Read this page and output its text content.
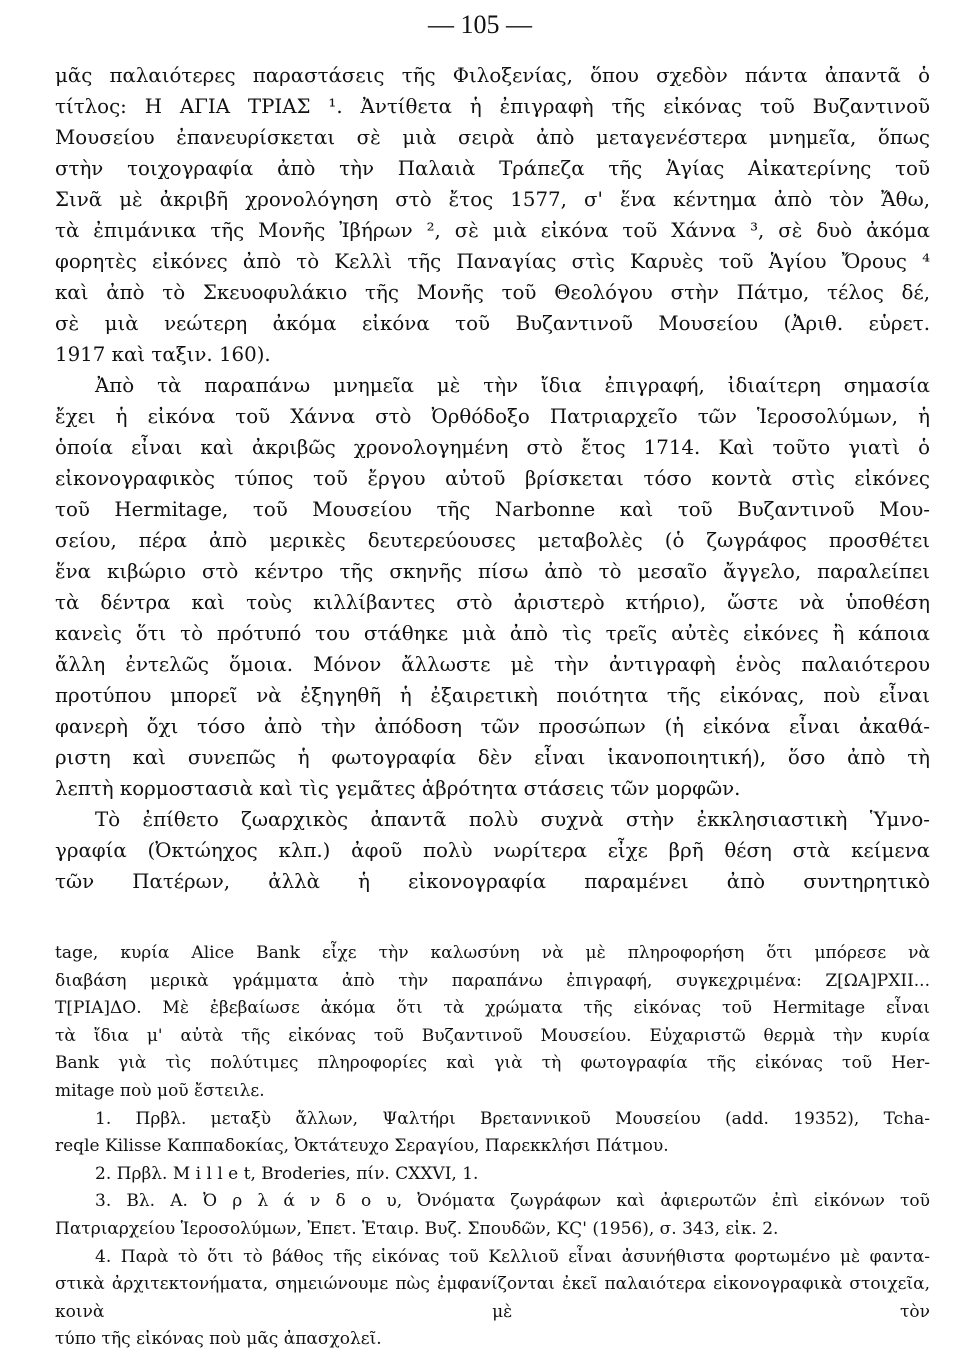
— 105 —

μᾶς παλαιότερες παραστάσεις τῆς Φιλοξενίας, ὅπου σχεδὸν πάντα ἀπαντᾶ ὁ
τίτλος: Η ΑΓΙΑ ΤΡΙΑΣ ¹. Ἀντίθετα ἡ ἐπιγραφὴ τῆς εἰκόνας τοῦ Βυζαντινοῦ
Μουσείου ἐπανευρίσκεται σὲ μιὰ σειρὰ ἀπὸ μεταγενέστερα μνημεῖα, ὅπως
στὴν τοιχογραφία ἀπὸ τὴν Παλαιὰ Τράπεζα τῆς Ἁγίας Αἰκατερίνης τοῦ
Σινᾶ μὲ ἀκριβῆ χρονολόγηση στὸ ἔτος 1577, σ' ἕνα κέντημα ἀπὸ τὸν Ἄθω,
τὰ ἐπιμάνικα τῆς Μονῆς Ἰβήρων ², σὲ μιὰ εἰκόνα τοῦ Χάννα ³, σὲ δυὸ ἀκόμα
φορητὲς εἰκόνες ἀπὸ τὸ Κελλὶ τῆς Παναγίας στὶς Καρυὲς τοῦ Ἁγίου Ὄρους ⁴
καὶ ἀπὸ τὸ Σκευοφυλάκιο τῆς Μονῆς τοῦ Θεολόγου στὴν Πάτμο, τέλος δέ,
σὲ μιὰ νεώτερη ἀκόμα εἰκόνα τοῦ Βυζαντινοῦ Μουσείου (Ἀριθ. εὑρετ.
1917 καὶ ταξιν. 160).

Ἀπὸ τὰ παραπάνω μνημεῖα μὲ τὴν ἴδια ἐπιγραφή, ἰδιαίτερη σημασία
ἔχει ἡ εἰκόνα τοῦ Χάννα στὸ Ὀρθόδοξο Πατριαρχεῖο τῶν Ἱεροσολύμων, ἡ
ὁποία εἶναι καὶ ἀκριβῶς χρονολογημένη στὸ ἔτος 1714. Καὶ τοῦτο γιατὶ ὁ
εἰκονογραφικὸς τύπος τοῦ ἔργου αὐτοῦ βρίσκεται τόσο κοντὰ στὶς εἰκόνες
τοῦ Hermitage, τοῦ Μουσείου τῆς Narbonne καὶ τοῦ Βυζαντινοῦ Μου-
σείου, πέρα ἀπὸ μερικὲς δευτερεύουσες μεταβολὲς (ὁ ζωγράφος προσθέτει
ἕνα κιβώριο στὸ κέντρο τῆς σκηνῆς πίσω ἀπὸ τὸ μεσαῖο ἄγγελο, παραλείπει
τὰ δέντρα καὶ τοὺς κιλλίβαντες στὸ ἀριστερὸ κτήριο), ὥστε νὰ ὑποθέση
κανεὶς ὅτι τὸ πρότυπό του στάθηκε μιὰ ἀπὸ τὶς τρεῖς αὐτὲς εἰκόνες ἢ κάποια
ἄλλη ἐντελῶς ὅμοια. Μόνον ἄλλωστε μὲ τὴν ἀντιγραφὴ ἑνὸς παλαιότερου
προτύπου μπορεῖ νὰ ἐξηγηθῆ ἡ ἐξαιρετικὴ ποιότητα τῆς εἰκόνας, ποὺ εἶναι
φανερὴ ὄχι τόσο ἀπὸ τὴν ἀπόδοση τῶν προσώπων (ἡ εἰκόνα εἶναι ἀκαθά-
ριστη καὶ συνεπῶς ἡ φωτογραφία δὲν εἶναι ἱκανοποιητική), ὅσο ἀπὸ τὴ
λεπτὴ κορμοστασιὰ καὶ τὶς γεμᾶτες ἁβρότητα στάσεις τῶν μορφῶν.

Τὸ ἐπίθετο ζωαρχικὸς ἀπαντᾶ πολὺ συχνὰ στὴν ἐκκλησιαστικὴ Ὑμνο-
γραφία (Ὀκτώηχος κλπ.) ἀφοῦ πολὺ νωρίτερα εἶχε βρῆ θέση στὰ κείμενα
τῶν Πατέρων, ἀλλὰ ἡ εἰκονογραφία παραμένει ἀπὸ συντηρητικὸ

tage, κυρία Alice Bank εἶχε τὴν καλωσύνη νὰ μὲ πληροφορήση ὅτι μπόρεσε νὰ
διαβάση μερικὰ γράμματα ἀπὸ τὴν παραπάνω ἐπιγραφή, συγκεχριμένα: Ζ[ΩΑ]ΡΧΙΙ...
Τ[ΡΙΑ]ΔΟ. Μὲ ἐβεβαίωσε ἀκόμα ὅτι τὰ χρώματα τῆς εἰκόνας τοῦ Hermitage εἶναι
τὰ ἴδια μ' αὐτὰ τῆς εἰκόνας τοῦ Βυζαντινοῦ Μουσείου. Εὐχαριστῶ θερμὰ τὴν κυρία
Bank γιὰ τὶς πολύτιμες πληροφορίες καὶ γιὰ τὴ φωτογραφία τῆς εἰκόνας τοῦ Her-
mitage ποὺ μοῦ ἔστειλε.

1. Πρβλ. μεταξὺ ἄλλων, Ψαλτήρι Βρεταννικοῦ Μουσείου (add. 19352), Tcha-
reqle Kilisse Καππαδοκίας, Ὀκτάτευχο Σεραγίου, Παρεκκλήσι Πάτμου.

2. Πρβλ. M i l l e t, Broderies, πίν. CXXVI, 1.

3. Βλ. Α. Ὀ ρ λ ά ν δ ο υ, Ὀνόματα ζωγράφων καὶ ἀφιερωτῶν ἐπὶ εἰκόνων τοῦ
Πατριαρχείου Ἱεροσολύμων, Ἐπετ. Ἑταιρ. Βυζ. Σπουδῶν, ΚϚ' (1956), σ. 343, εἰκ. 2.

4. Παρὰ τὸ ὅτι τὸ βάθος τῆς εἰκόνας τοῦ Κελλιοῦ εἶναι ἀσυνήθιστα φορτωμένο μὲ φαντα-
στικὰ ἀρχιτεκτονήματα, σημειώνουμε πὼς ἐμφανίζονται ἐκεῖ παλαιότερα εἰκονογραφικὰ στοιχεῖα, κοινὰ μὲ τὸν
τύπο τῆς εἰκόνας ποὺ μᾶς ἀπασχολεῖ.
